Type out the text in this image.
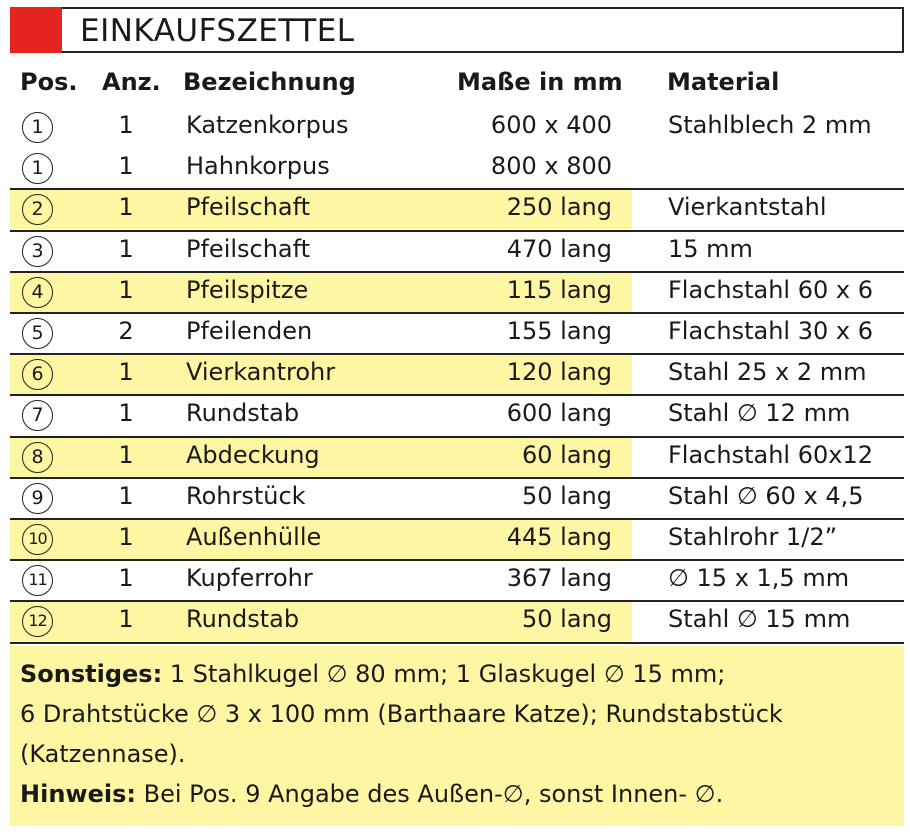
EINKAUFSZETTEL
Pos. Anz. Bezeichnung	Maße in mm Material
1	1 Katzenkorpus	600 x 400 Stahlblech 2 mm
1	1 Hahnkorpus	800 x 800
2	1 Pfeilschaft	250 lang Vierkantstahl
3	1 Pfeilschaft	470 lang 15 mm
4	1 Pfeilspitze	115 lang Flachstahl 60 x 6
5	2 Pfeilenden	155 lang Flachstahl 30 x 6
6	1 Vierkantrohr	120 lang Stahl 25 x 2 mm
7	1 Rundstab	600 lang Stahl ∅ 12 mm
8	1 Abdeckung	60 lang Flachstahl 60x12
9	1 Rohrstück	50 lang Stahl ∅ 60 x 4,5
10	1 Außenhülle	445 lang Stahlrohr 1/2”
11	1 Kupferrohr	367 lang ∅ 15 x 1,5 mm
12	1 Rundstab	50 lang Stahl ∅ 15 mm
Sonstiges: 1 Stahlkugel ∅ 80 mm; 1 Glaskugel ∅ 15 mm;
6 Drahtstücke ∅ 3 x 100 mm (Barthaare Katze); Rundstabstück
(Katzennase).
Hinweis: Bei Pos. 9 Angabe des Außen-∅, sonst Innen- ∅.
